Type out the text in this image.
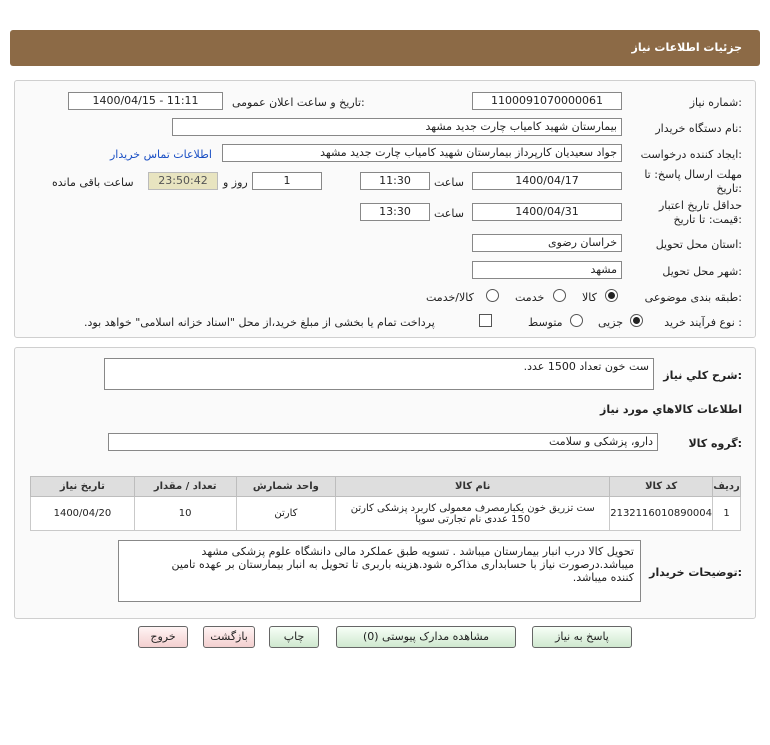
جزئیات اطلاعات نیاز
شماره نیاز:
1100091070000061
تاریخ و ساعت اعلان عمومی:
1400/04/15 - 11:11
نام دستگاه خریدار:
بیمارستان شهید کامیاب چارت جدید مشهد
ایجاد کننده درخواست:
جواد سعیدیان کارپرداز بیمارستان شهید کامیاب چارت جدید مشهد
اطلاعات تماس خریدار
مهلت ارسال پاسخ: تا
تاریخ:
1400/04/17
ساعت
11:30
1
روز و
23:50:42
ساعت باقی مانده
حداقل تاریخ اعتبار
قیمت: تا تاریخ:
1400/04/31
ساعت
13:30
استان محل تحویل:
خراسان رضوی
شهر محل تحویل:
مشهد
طبقه بندی موضوعی:
کالا
خدمت
کالا/خدمت
نوع فرآیند خرید :
جزیی
متوسط
پرداخت تمام یا بخشی از مبلغ خرید،از محل "اسناد خزانه اسلامی" خواهد بود.
شرح کلي نياز:
ست خون تعداد 1500 عدد.
اطلاعات کالاهاي مورد نياز
گروه کالا:
دارو، پزشکی و سلامت
ردیف	کد کالا	نام کالا	واحد شمارش	تعداد / مقدار	تاریخ نیاز
1	2132116010890004	ست تزریق خون یکبارمصرف معمولی کاربرد پزشکی کارتن
150 عددی نام تجارتی سوپا	کارتن	10	1400/04/20
توضیحات خریدار:
تحویل کالا درب انبار بیمارستان میباشد . تسویه طبق عملکرد مالی دانشگاه علوم پزشکی مشهد
میباشد.درصورت نیاز با حسابداری مذاکره شود.هزینه باربری تا تحویل به انبار بیمارستان بر عهده تامین
کننده میباشد.
پاسخ به نیاز
مشاهده مدارک پیوستی (0)
چاپ
بازگشت
خروج
